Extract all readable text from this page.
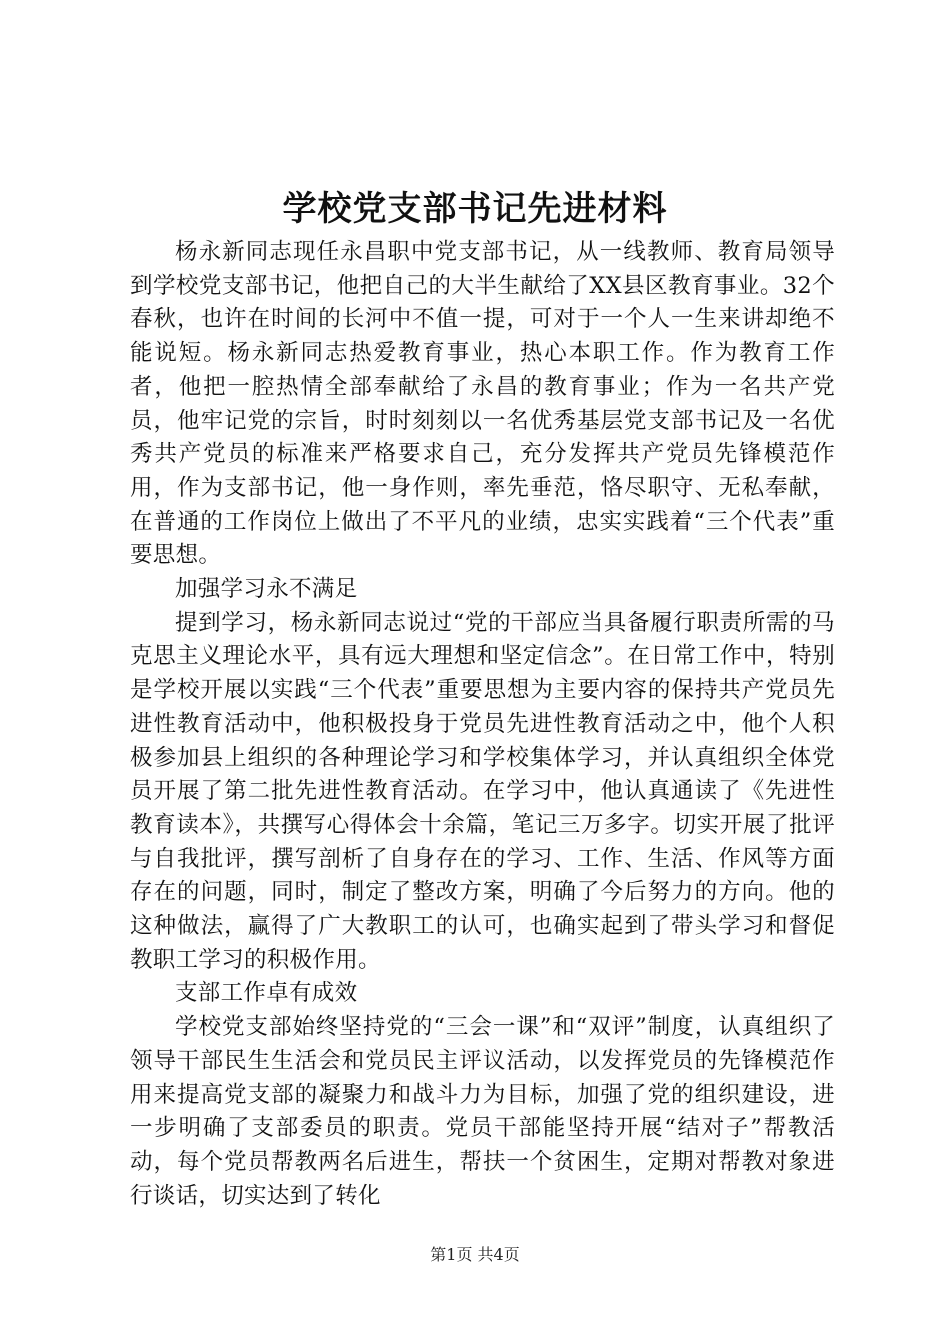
学校党支部书记先进材料

杨永新同志现任永昌职中党支部书记，从一线教师、教育局领导到学校党支部书记，他把自己的大半生献给了XX县区教育事业。32个春秋，也许在时间的长河中不值一提，可对于一个人一生来讲却绝不能说短。杨永新同志热爱教育事业，热心本职工作。作为教育工作者，他把一腔热情全部奉献给了永昌的教育事业；作为一名共产党员，他牢记党的宗旨，时时刻刻以一名优秀基层党支部书记及一名优秀共产党员的标准来严格要求自己，充分发挥共产党员先锋模范作用，作为支部书记，他一身作则，率先垂范，恪尽职守、无私奉献，在普通的工作岗位上做出了不平凡的业绩，忠实实践着“三个代表”重要思想。

加强学习永不满足

提到学习，杨永新同志说过“党的干部应当具备履行职责所需的马克思主义理论水平，具有远大理想和坚定信念”。在日常工作中，特别是学校开展以实践“三个代表”重要思想为主要内容的保持共产党员先进性教育活动中，他积极投身于党员先进性教育活动之中，他个人积极参加县上组织的各种理论学习和学校集体学习，并认真组织全体党员开展了第二批先进性教育活动。在学习中，他认真通读了《先进性教育读本》，共撰写心得体会十余篇，笔记三万多字。切实开展了批评与自我批评，撰写剖析了自身存在的学习、工作、生活、作风等方面存在的问题，同时，制定了整改方案，明确了今后努力的方向。他的这种做法，赢得了广大教职工的认可，也确实起到了带头学习和督促教职工学习的积极作用。

支部工作卓有成效

学校党支部始终坚持党的“三会一课”和“双评”制度，认真组织了领导干部民生生活会和党员民主评议活动，以发挥党员的先锋模范作用来提高党支部的凝聚力和战斗力为目标，加强了党的组织建设，进一步明确了支部委员的职责。党员干部能坚持开展“结对子”帮教活动，每个党员帮教两名后进生，帮扶一个贫困生，定期对帮教对象进行谈话，切实达到了转化

第1页 共4页
